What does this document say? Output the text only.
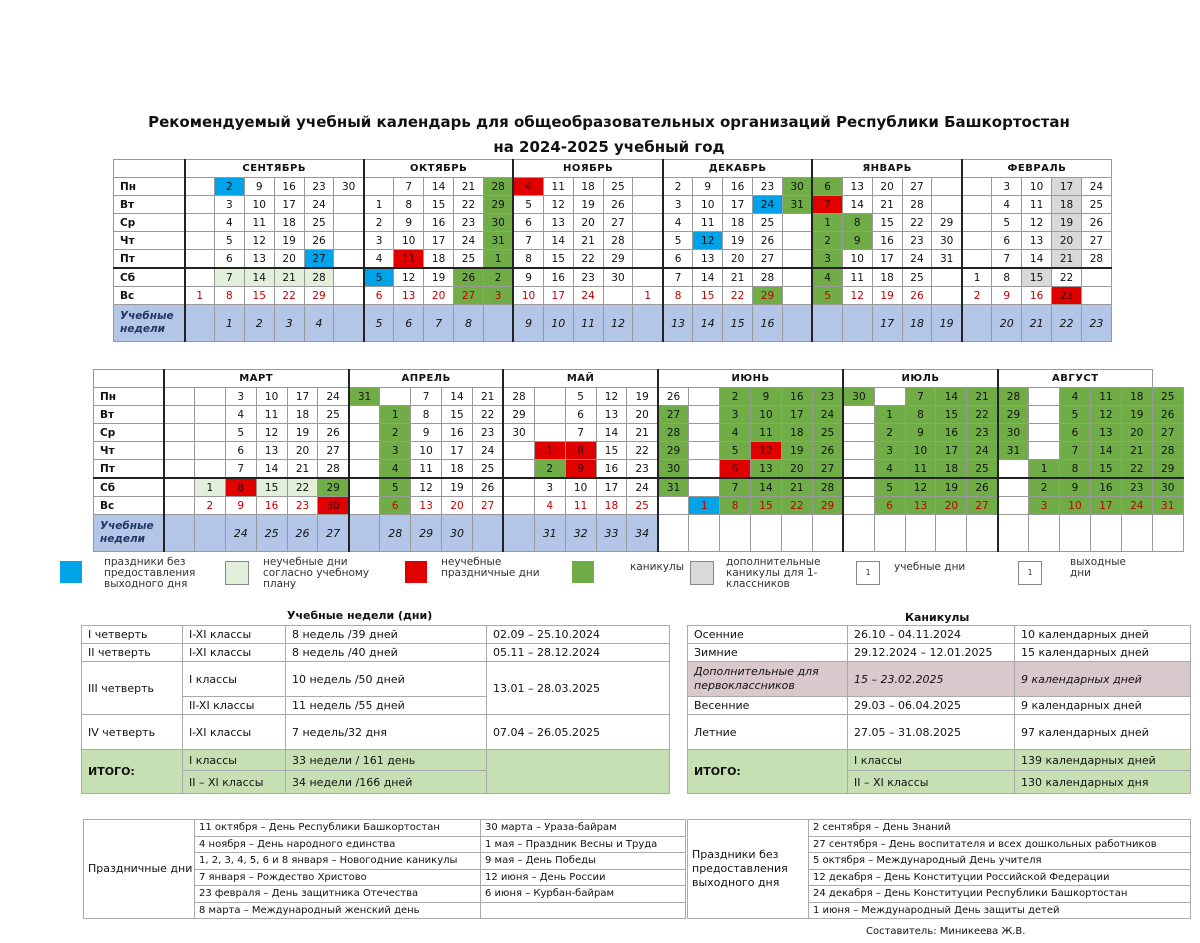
Рекомендуемый учебный календарь для общеобразовательных организаций Республики Башкортостан
на 2024-2025 учебный год
	СЕНТЯБРЬ						ОКТЯБРЬ					НОЯБРЬ					ДЕКАБРЬ					ЯНВАРЬ					ФЕВРАЛЬ				
Пн		2	9	16	23	30		7	14	21	28	4	11	18	25		2	9	16	23	30	6	13	20	27			3	10	17	24
Вт		3	10	17	24		1	8	15	22	29	5	12	19	26		3	10	17	24	31	7	14	21	28			4	11	18	25
Ср		4	11	18	25		2	9	16	23	30	6	13	20	27		4	11	18	25		1	8	15	22	29		5	12	19	26
Чт		5	12	19	26		3	10	17	24	31	7	14	21	28		5	12	19	26		2	9	16	23	30		6	13	20	27
Пт		6	13	20	27		4	11	18	25	1	8	15	22	29		6	13	20	27		3	10	17	24	31		7	14	21	28
Сб		7	14	21	28		5	12	19	26	2	9	16	23	30		7	14	21	28		4	11	18	25		1	8	15	22	
Вс	1	8	15	22	29		6	13	20	27	3	10	17	24		1	8	15	22	29		5	12	19	26		2	9	16	23	
Учебные недели		1	2	3	4		5	6	7	8		9	10	11	12		13	14	15	16				17	18	19		20	21	22	23
	МАРТ						АПРЕЛЬ					МАЙ					ИЮНЬ						ИЮЛЬ					АВГУСТ					
Пн			3	10	17	24	31		7	14	21	28		5	12	19	26		2	9	16	23	30		7	14	21	28		4	11	18	25
Вт			4	11	18	25		1	8	15	22	29		6	13	20	27		3	10	17	24		1	8	15	22	29		5	12	19	26
Ср			5	12	19	26		2	9	16	23	30		7	14	21	28		4	11	18	25		2	9	16	23	30		6	13	20	27
Чт			6	13	20	27		3	10	17	24		1	8	15	22	29		5	12	19	26		3	10	17	24	31		7	14	21	28
Пт			7	14	21	28		4	11	18	25		2	9	16	23	30		6	13	20	27		4	11	18	25		1	8	15	22	29
Сб		1	8	15	22	29		5	12	19	26		3	10	17	24	31		7	14	21	28		5	12	19	26		2	9	16	23	30
Вс		2	9	16	23	30		6	13	20	27		4	11	18	25		1	8	15	22	29		6	13	20	27		3	10	17	24	31
Учебные недели			24	25	26	27		28	29	30			31	32	33	34																	
праздники без предоставления выходного дня
неучебные дни согласно учебному плану
неучебные праздничные дни	каникулы	дополнительные каникулы для 1-классников
1	учебные дни	1
выходные дни
Учебные недели (дни)
I четверть	I-XI классы	8 недель /39 дней	02.09 – 25.10.2024
II четверть	I-XI классы	8 недель /40 дней	05.11 – 28.12.2024
III четверть	I классы	10 недель /50 дней	13.01 – 28.03.2025
	II-XI классы	11 недель /55 дней	
IV четверть	I-XI классы	7 недель/32 дня	07.04 – 26.05.2025
ИТОГО:	I классы	33 недели / 161 день	
	II – XI классы	34 недели /166 дней	
Каникулы
Осенние	26.10 – 04.11.2024	10 календарных дней
Зимние	29.12.2024 – 12.01.2025	15 календарных дней
Дополнительные для первоклассников	15 – 23.02.2025	9 календарных дней
Весенние	29.03 – 06.04.2025	9 календарных дней
Летние	27.05 – 31.08.2025	97 календарных дней
ИТОГО:	I классы	139 календарных дней
	II – XI классы	130 календарных дня
Праздничные дни	11 октября – День Республики Башкортостан	30 марта – Ураза-байрам
	4 ноября – День народного единства	1 мая – Праздник Весны и Труда
	1, 2, 3, 4, 5, 6 и 8 января – Новогодние каникулы	9 мая – День Победы
	7 января – Рождество Христово	12 июня – День России
	23 февраля – День защитника Отечества	6 июня – Курбан-байрам
	8 марта – Международный женский день	
Праздники без предоставления выходного дня	2 сентября – День Знаний
27 сентября – День воспитателя и всех дошкольных работников
5 октября – Международный День учителя
12 декабря – День Конституции Российской Федерации
24 декабря – День Конституции Республики Башкортостан
1 июня – Международный День защиты детей
Составитель: Миникеева Ж.В.
